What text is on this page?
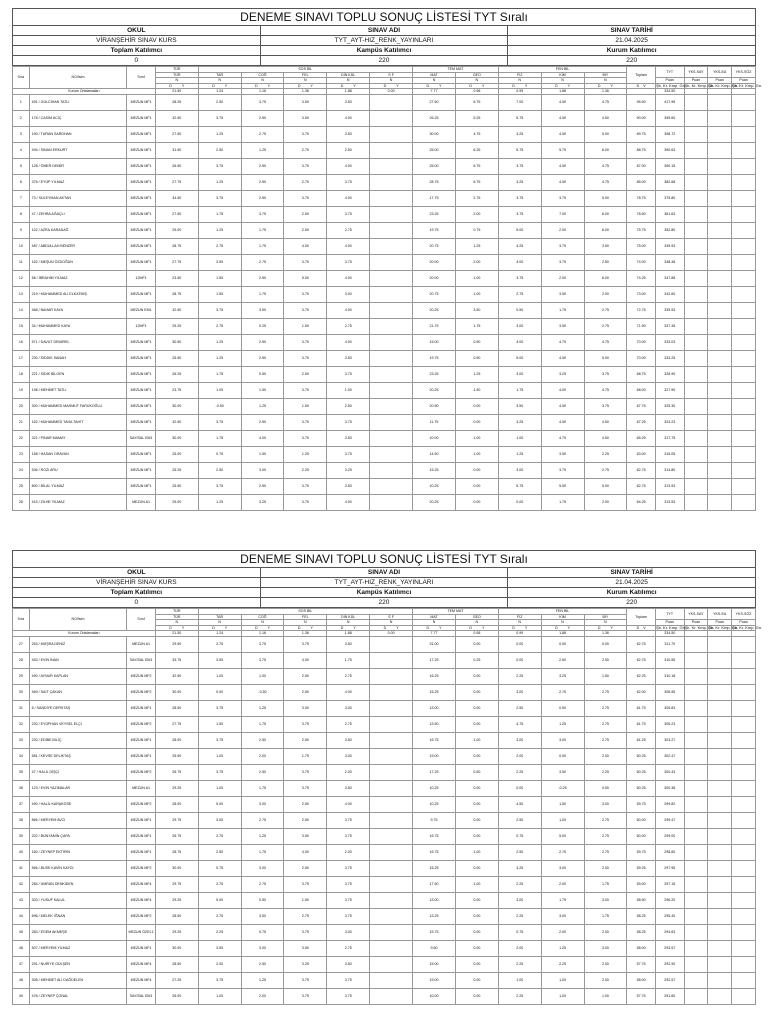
DENEME SINAVI TOPLU SONUÇ LİSTESİ TYT Sıralı		
OKUL	SINAV ADI	SINAV TARİHİ
VİRANŞEHİR SINAV KURS	TYT_AYT-HIZ_RENK_YAYINLARI	21.04.2025
Toplam Katılımcı	Kampüs Katılımcı	Kurum Katılımcı
0	220	220
Sıra	NO/İsim	Sınıf	TÜR	SOS BİL					TEM MAT		FEN BİL			Toplam	TYT	YKS-SAY	YKS-EA	YKS-SÖZ
			TÜR	TAR	COĞ	FEL	DİN KÜL	S F	MAT	GEO	FİZ	KİM	BİY					
			N	N	N	N	N	N	N	N	N	N	N		Puan	Puan	Puan	Puan
			D Y	D Y	D Y	D Y	D Y	D Y	D Y	D Y	D Y	D Y	D Y	D V	Şb. Kr. Kmp. Gn.	Şb. Kr. Kmp. Gn.	Şb. Kr. Kmp. Gn.	Şb. Kr. Kmp. Gn.
Kurum Ortalamaları			21.50	1.24	1.16	1.36	1.88	0.00	7.77	0.58	0.99	1.88	1.36		334.50			
1	491 / GÜLCİHAN TATLI	MEZUN MF1	28.25	2.50	3.75	3.50	3.50		27.50	6.75	7.00	4.50	4.75	95.50	417.95			
2	178 / CASİM ACİÇ	MEZUN MF1	32.50	3.75	2.50	3.50	4.00		26.25	5.25	5.75	4.50	4.50	90.00	399.60			
3	190 / TURAN SARDHAN	MEZUN MF1	27.50	1.25	2.75	3.75	3.50		30.00	4.75	3.25	4.50	5.00	89.75	398.72			
4	494 / SİNAN ERKURT	MEZUN MF1	31.50	2.50	1.25	2.75	2.50		25.00	6.25	5.75	5.75	6.00	88.75	390.63			
5	128 / ÖMER DEMİR	MEZUN MF1	26.50	3.75	2.50	3.75	4.00		25.00	6.75	3.75	4.50	4.75	87.00	390.15			
6	376 / EYÜP YILMAZ	MEZUN MF1	27.75	1.25	2.50	2.75	3.75		28.75	6.75	3.25	4.50	4.75	85.00	382.68			
7	73 / SÜLEYMAN AKTAN	MEZUN MF1	34.50	3.75	2.50	3.75	4.00		17.75	2.75	3.75	3.75	5.00	78.75	375.80			
8	47 / ZEHRA AĞAÇLI	MEZUN MF1	27.50	1.75	3.75	2.50	3.75		23.25	2.00	3.75	7.00	6.00	78.50	361.63			
9	102 / AZRA KARADAĞ	MEZUN MF1	29.00	1.25	1.75	2.50	2.75		19.75	0.75	5.00	2.00	6.00	75.75	352.80			
10	487 / ABDULLAH BENZER	MEZUN MF1	28.75	2.75	1.75	4.00	4.00		20.75	1.25	4.25	3.75	3.50	75.00	349.93			
11	152 / MEŞUN ÖZDOĞAN	MEZUN MF1	27.75	3.50	2.75	3.75	3.75		20.00	2.00	4.00	3.75	2.50	74.00	348.48			
12	58 / İBRAHİM YILMAZ	12MF1	23.50	1.50	2.50	5.00	4.00		20.00	1.00	3.75	2.00	6.00	74.25	347.88			
13	219 / MUHAMMED ALİ ELKATMIŞ	MEZUN MF1	28.75	1.50	1.75	3.75	3.00		20.75	1.00	2.75	3.50	2.00	73.00	342.60			
14	468 / BAHAR KAYA	MEZUN EM1	32.50	3.75	3.50	3.75	4.00		20.25	3.50	0.50	1.75	2.75	72.75	339.53			
15	34 / MUHAMMED KAYA	12MF1	29.25	2.75	0.25	1.50	2.75		21.75	1.75	3.00	3.50	2.75	71.50	337.45			
16	571 / DAVUT DEMİREL	MEZUN MF1	30.50	1.25	2.50	3.75	4.00		15.00	0.50	4.00	4.75	4.75	70.00	333.03			
17	230 / SIDDIK SANAH	MEZUN MF1	25.50	1.25	2.50	3.75	3.50		19.75	0.50	5.00	4.50	5.00	70.00	333.25			
18	221 / SİDIK BİLGEN	MEZUN MF1	26.25	1.75	0.50	2.50	3.75		23.25	1.25	3.00	3.25	3.75	68.75	328.90			
19	198 / MEHMET TATLI	MEZUN MF1	23.75	1.00	1.50	3.75	1.00		20.25	1.50	1.75	4.00	4.75	68.00	327.90			
20	300 / MUHAMMED MAHMUT FARUKOĞLU	MEZUN MF1	30.00	-0.50	1.25	1.50	2.50		20.50	0.00	3.50	4.50	3.75	67.75	325.30			
21	152 / MUHAMMED TAHA TAHİT	MEZUN MF1	32.50	3.75	2.50	3.75	3.75		11.75	0.00	3.25	4.50	4.50	67.25	324.23			
22	321 / PINAR MAMAY	SAYISAL EM1	30.00	1.75	4.00	3.75	3.50		10.00	1.00	1.00	4.75	4.50	65.25	317.75			
23	158 / HASAN ORAYAN	MEZUN MF1	25.00	0.75	1.50	1.25	3.75		14.50	1.00	1.25	3.50	2.25	63.00	316.05			
24	536 / ROZI ARU	MEZUN MF1	25.25	2.50	3.00	2.25	3.25		15.25	0.00	3.00	3.75	2.75	62.75	314.80			
25	800 / BİLAL YILMAZ	MEZUN MF1	25.50	3.75	2.50	3.75	3.50		10.25	0.00	5.75	5.50	5.00	62.75	313.93			
26	415 / ZİLHE YILMAZ	MEZUN A1	29.00	1.25	3.25	3.75	4.00		20.25	0.00	0.00	1.75	2.00	64.25	313.53			
DENEME SINAVI TOPLU SONUÇ LİSTESİ TYT Sıralı		
OKUL	SINAV ADI	SINAV TARİHİ
VİRANŞEHİR SINAV KURS	TYT_AYT-HIZ_RENK_YAYINLARI	21.04.2025
Toplam Katılımcı	Kampüs Katılımcı	Kurum Katılımcı
0	220	220
Sıra	NO/İsim	Sınıf	TÜR	SOS BİL					TEM MAT		FEN BİL			Toplam	TYT	YKS-SAY	YKS-EA	YKS-SÖZ
			TÜR	TAR	COĞ	FEL	DİN KÜL	S F	MAT	GEO	FİZ	KİM	BİY					
			N	N	N	N	N	N	N	N	N	N	N		Puan	Puan	Puan	Puan
			D Y	D Y	D Y	D Y	D Y	D Y	D Y	D Y	D Y	D Y	D Y	D V	Şb. Kr. Kmp. Gn.	Şb. Kr. Kmp. Gn.	Şb. Kr. Kmp. Gn.	Şb. Kr. Kmp. Gn.
Kurum Ortalamaları			21.50	1.24	1.16	1.36	1.88	0.00	7.77	0.58	0.99	1.88	1.36		334.50			
27	263 / MÜŞRA DENİZ	MEZUN A1	29.50	2.75	3.75	3.75	3.50		31.00	0.00	0.00	0.00	0.00	62.75	311.70			
28	453 / EVİN İNAN	SAYISAL EM1	33.75	3.50	3.75	4.00	1.75		17.25	0.25	0.00	2.50	2.50	62.75	310.55			
29	490 / AYNUR KAPLAN	MEZUN MF2	32.50	1.00	1.00	2.50	2.75		16.25	0.00	2.25	3.25	1.50	62.25	310.18			
30	469 / SAİT ÇAKAN	MEZUN MF2	30.00	0.00	-0.50	2.50	4.00		15.25	0.00	3.00	2.75	2.75	62.00	308.95			
31	6 / SANDİYE DERKTAŞ	MEZUN MF1	28.50	3.75	1.25	3.00	3.00		13.00	0.00	2.50	0.50	2.75	61.75	305.83			
32	230 / EYÜPHAN VEYSEL ELÇİ	MEZUN MF2	27.75	1.50	1.75	3.75	2.75		13.50	0.00	4.75	1.25	2.75	61.75	305.23			
33	230 / EDİBE BİLİÇ	MEZUN MF1	28.00	3.75	2.50	2.50	3.50		16.75	1.00	3.00	3.00	2.75	61.25	303.27			
34	581 / KEVSE DELİKTAŞ	MEZUN MF1	25.50	1.00	2.00	1.75	3.00		19.00	0.00	2.00	0.00	2.00	60.25	302.47			
35	47 / HALİL DİŞÇİ	MEZUN MF2	26.75	3.75	2.50	3.75	2.00		17.25	0.50	2.25	3.50	2.25	60.25	300.43			
36	123 / EVİN YAZIMALAR	MEZUN A1	29.25	1.00	1.75	3.75	3.50		10.25	0.00	0.00	-0.25	0.50	60.25	300.38			
37	490 / HALİL KARAKÖSE	MEZUN MF2	28.00	5.00	3.00	2.50	4.00		10.25	0.00	4.50	1.50	3.00	59.75	299.82			
38	866 / MERYEM AVCI	MEZUN MF1	29.75	3.00	2.75	2.50	3.75		9.75	0.00	2.50	1.00	2.75	60.00	299.47			
39	202 / BÜNYAMİN ÇAPA	MEZUN MF1	26.75	2.75	1.25	3.50	3.75		16.75	0.00	0.75	5.00	2.75	60.00	299.00			
40	160 / ZEYNEP EKTİRİN	MEZUN MF1	28.75	2.50	1.75	4.00	2.00		16.75	1.00	2.50	2.75	2.75	59.75	298.60			
41	566 / BUSE KAVİN KAYDI	MEZUN MF2	30.00	0.75	3.00	2.50	3.75		15.25	0.00	3.25	3.00	2.00	59.25	297.95			
42	284 / ÜMRAN DENKİDEN	MEZUN MF4	29.75	2.75	2.75	3.75	3.75		17.50	1.00	2.25	2.00	1.75	59.00	297.15			
43	303 / YUSUF KALUL	MEZUN MF4	29.25	5.00	0.50	1.50	3.75		13.00	0.00	3.00	1.75	3.00	58.50	296.20			
44	696 / MELEK İĞNAN	MEZUN MF2	28.50	2.75	3.50	2.75	3.75		13.25	0.00	2.25	3.00	1.75	58.25	295.40			
45	283 / EGEM AKMEŞE	MEZUN ÖZEL1	29.25	2.25	0.75	3.75	3.00		15.75	0.00	0.75	2.00	2.00	58.25	294.63			
46	507 / MERYEM YILMAZ	MEZUN MF1	30.00	3.50	3.00	3.50	2.75		9.50	0.00	2.00	1.25	3.00	58.00	293.57			
47	291 / NURİYE GÜLŞEN	MEZUN MF4	28.50	2.00	2.50	3.25	3.50		15.00	0.00	2.25	2.25	2.00	57.75	292.90			
48	308 / MEHMET ALİ DAĞDELEN	MEZUN MF4	27.25	3.75	1.25	3.75	3.75		19.00	0.00	1.00	1.00	2.00	58.00	292.57			
49	478 / ZEYNEP ÇONAL	SAYISAL EM1	26.00	1.00	2.00	3.75	3.75		10.00	0.00	2.25	1.00	1.00	57.75	291.60			
